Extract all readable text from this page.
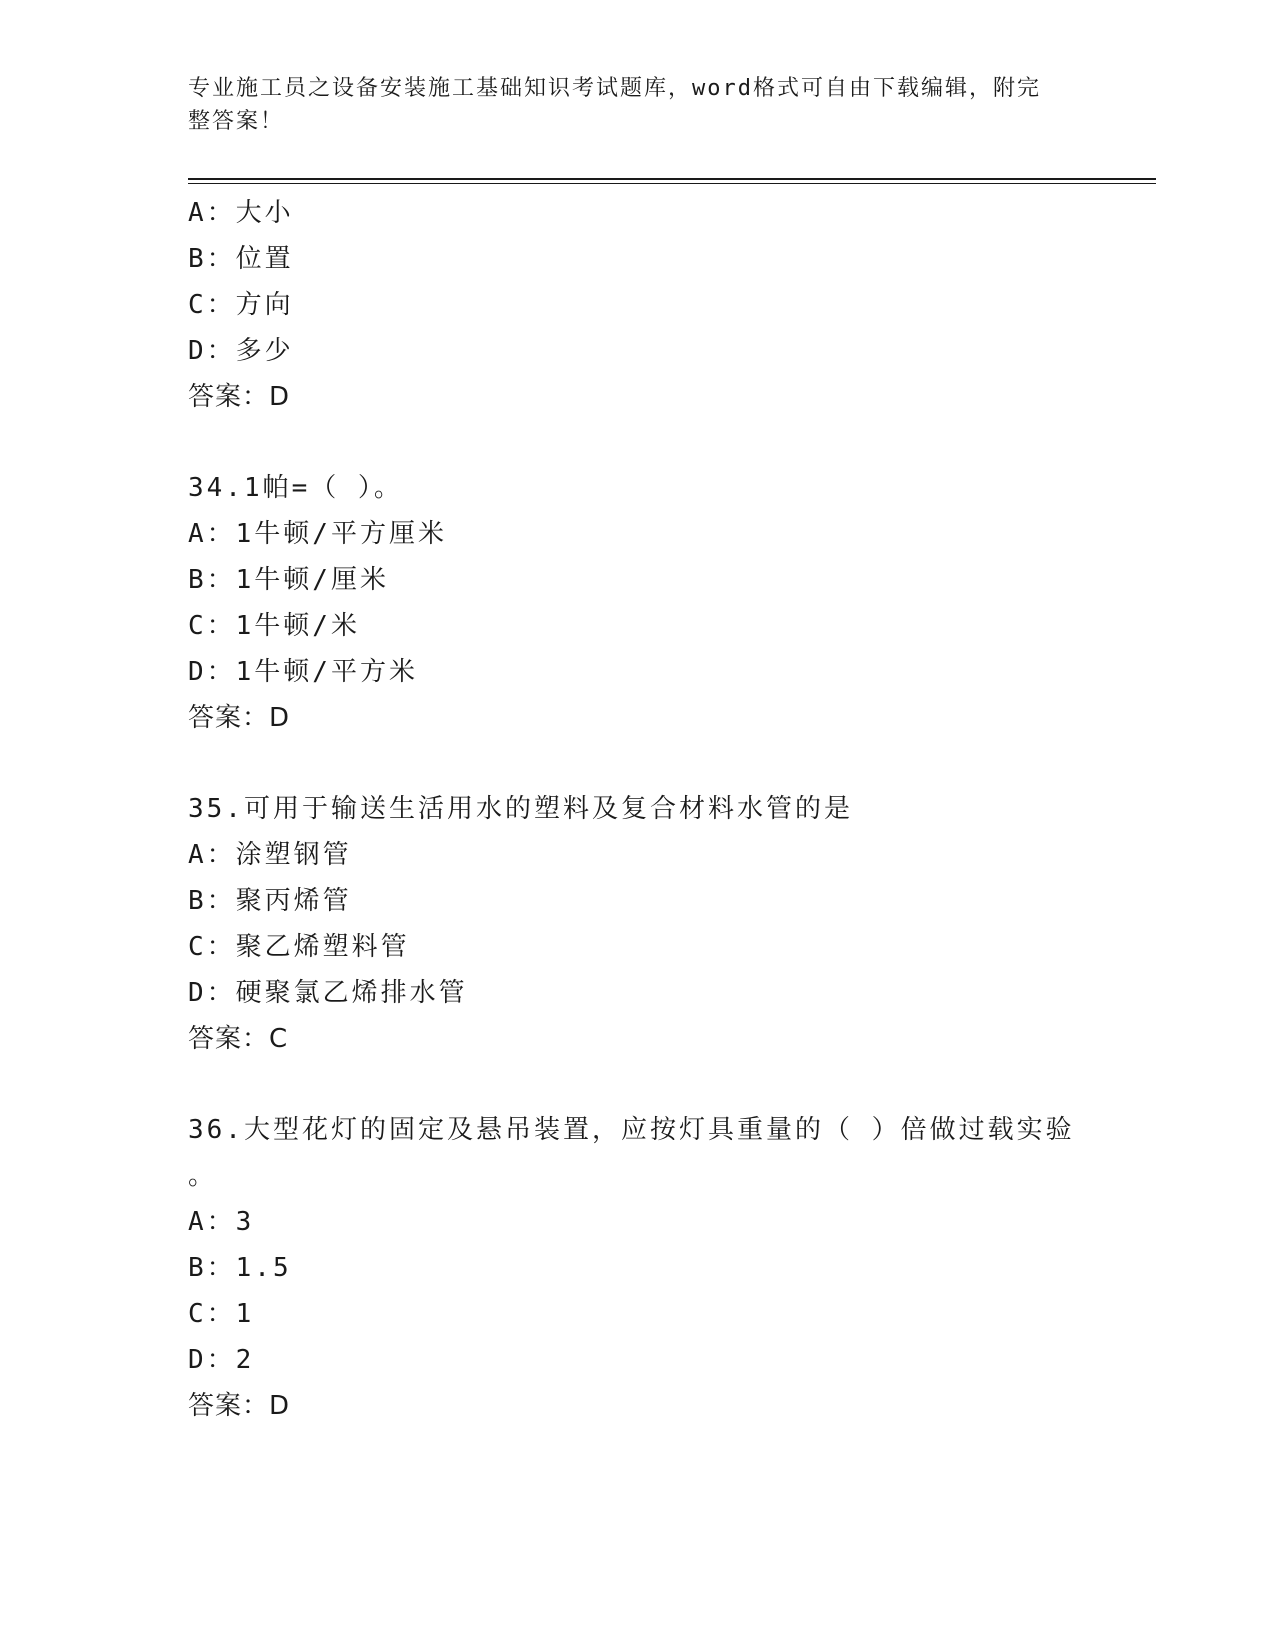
专业施工员之设备安装施工基础知识考试题库，word格式可自由下载编辑，附完
整答案！
A：大小
B：位置
C：方向
D：多少
答案：D
34.1帕=（ ）。
A：1牛顿/平方厘米
B：1牛顿/厘米
C：1牛顿/米
D：1牛顿/平方米
答案：D
35.可用于输送生活用水的塑料及复合材料水管的是
A：涂塑钢管
B：聚丙烯管
C：聚乙烯塑料管
D：硬聚氯乙烯排水管
答案：C
36.大型花灯的固定及悬吊装置，应按灯具重量的（ ）倍做过载实验
。
A：3
B：1.5
C：1
D：2
答案：D
